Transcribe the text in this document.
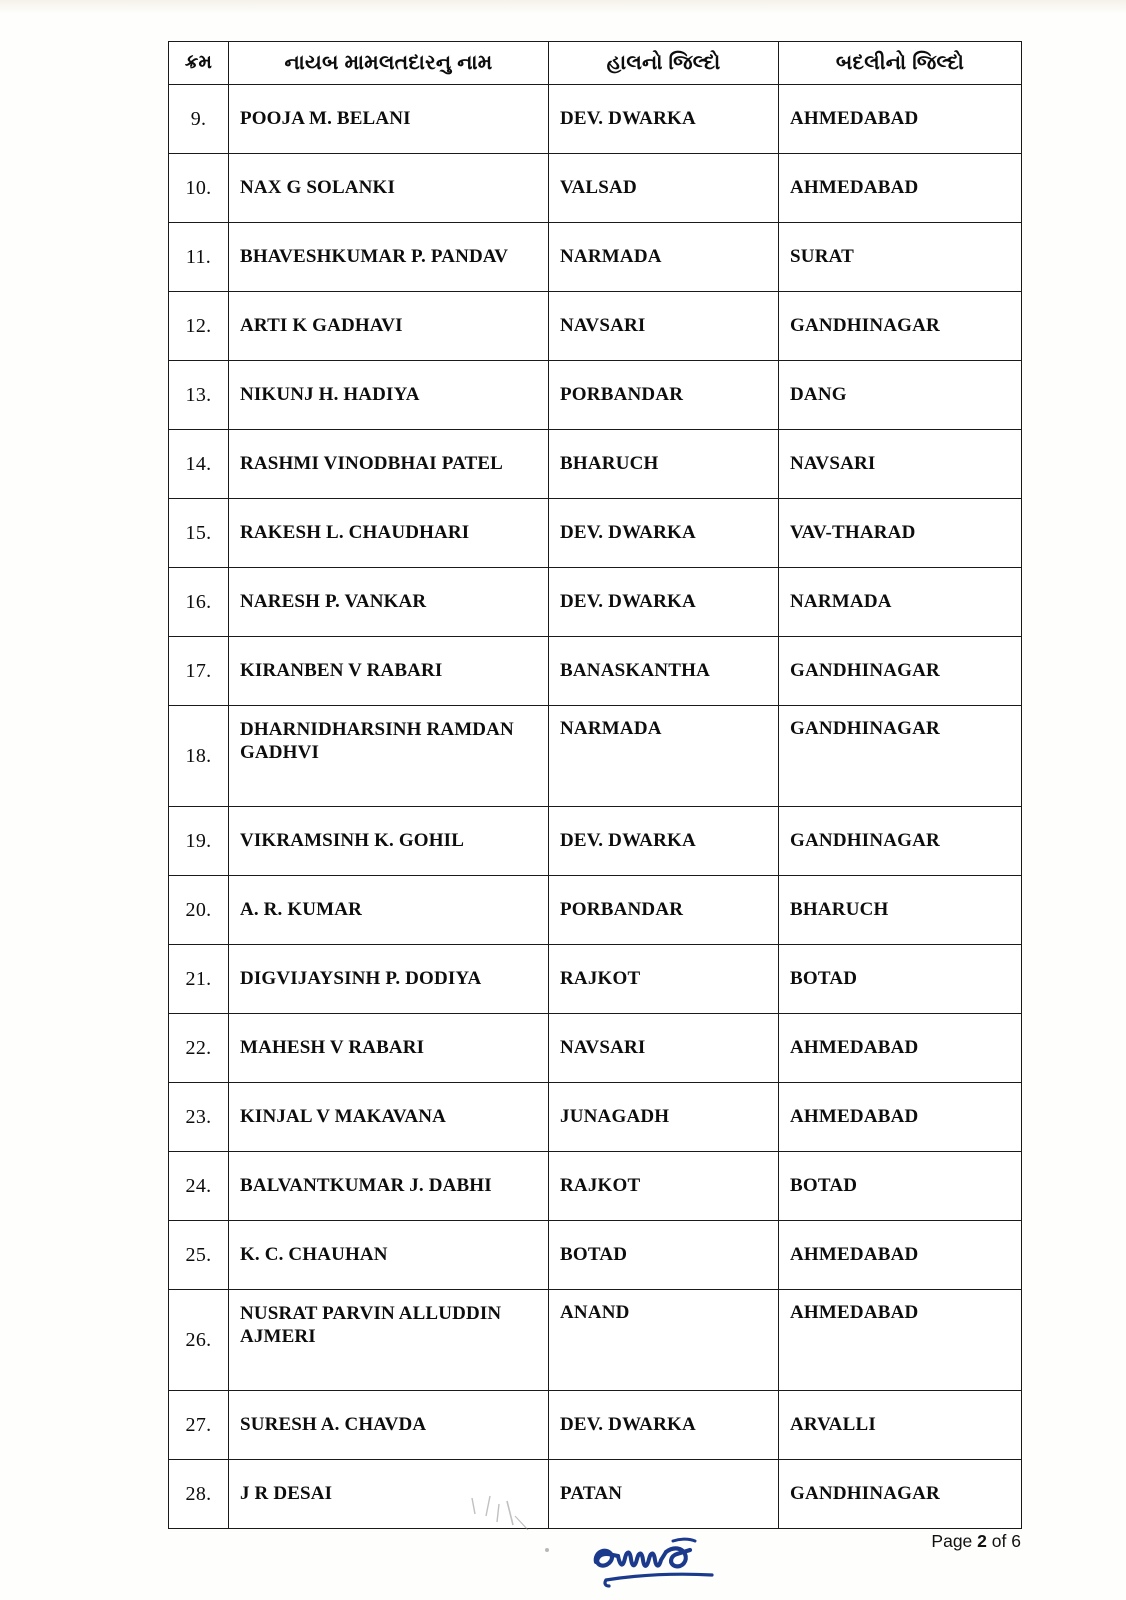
ક્રમ	નાયબ મામલતદારનુ નામ	હાલનો જિલ્દો	બદલીનો જિલ્દો
9.	POOJA M. BELANI	DEV. DWARKA	AHMEDABAD
10.	NAX G SOLANKI	VALSAD	AHMEDABAD
11.	BHAVESHKUMAR P. PANDAV	NARMADA	SURAT
12.	ARTI K GADHAVI	NAVSARI	GANDHINAGAR
13.	NIKUNJ H. HADIYA	PORBANDAR	DANG
14.	RASHMI VINODBHAI PATEL	BHARUCH	NAVSARI
15.	RAKESH L. CHAUDHARI	DEV. DWARKA	VAV-THARAD
16.	NARESH P. VANKAR	DEV. DWARKA	NARMADA
17.	KIRANBEN V RABARI	BANASKANTHA	GANDHINAGAR
18.	DHARNIDHARSINH RAMDAN GADHVI	NARMADA	GANDHINAGAR
19.	VIKRAMSINH K. GOHIL	DEV. DWARKA	GANDHINAGAR
20.	A. R. KUMAR	PORBANDAR	BHARUCH
21.	DIGVIJAYSINH P. DODIYA	RAJKOT	BOTAD
22.	MAHESH V RABARI	NAVSARI	AHMEDABAD
23.	KINJAL V MAKAVANA	JUNAGADH	AHMEDABAD
24.	BALVANTKUMAR J. DABHI	RAJKOT	BOTAD
25.	K. C. CHAUHAN	BOTAD	AHMEDABAD
26.	NUSRAT PARVIN ALLUDDIN AJMERI	ANAND	AHMEDABAD
27.	SURESH A. CHAVDA	DEV. DWARKA	ARVALLI
28.	J R DESAI	PATAN	GANDHINAGAR
Page 2 of 6
